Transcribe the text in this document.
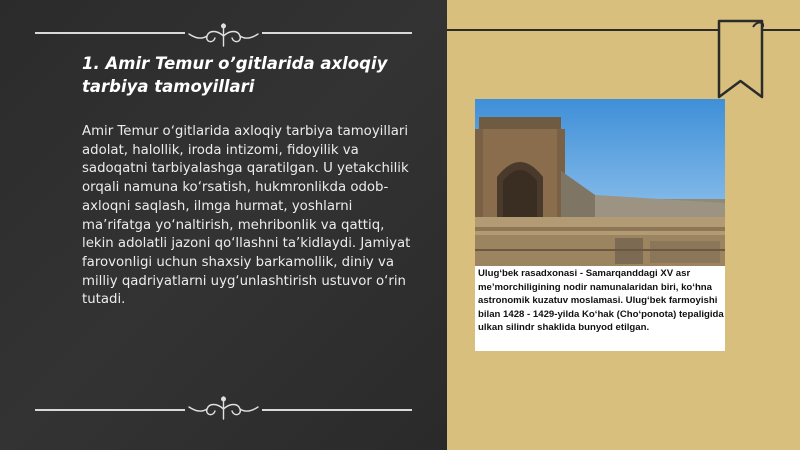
1. Amir Temur oʼgitlarida axloqiy tarbiya tamoyillari
Amir Temur oʻgitlarida axloqiy tarbiya tamoyillari adolat, halollik, iroda intizomi, fidoyilik va sadoqatni tarbiyalashga qaratilgan. U yetakchilik orqali namuna ko‘rsatish, hukmronlikda odob-axloqni saqlash, ilmga hurmat, yoshlarni ma’rifatga yo‘naltirish, mehribonlik va qattiq, lekin adolatli jazoni qo‘llashni ta’kidlaydi. Jamiyat farovonligi uchun shaxsiy barkamollik, diniy va milliy qadriyatlarni uyg‘unlashtirish ustuvor o‘rin tutadi.
Ulug‘bek rasadxonasi - Samarqanddagi XV asr me’morchiligining nodir namunalaridan biri, ko‘hna astronomik kuzatuv moslamasi. Ulug‘bek farmoyishi bilan 1428 - 1429-yilda Ko‘hak (Cho‘ponota) tepaligida ulkan silindr shaklida bunyod etilgan.
